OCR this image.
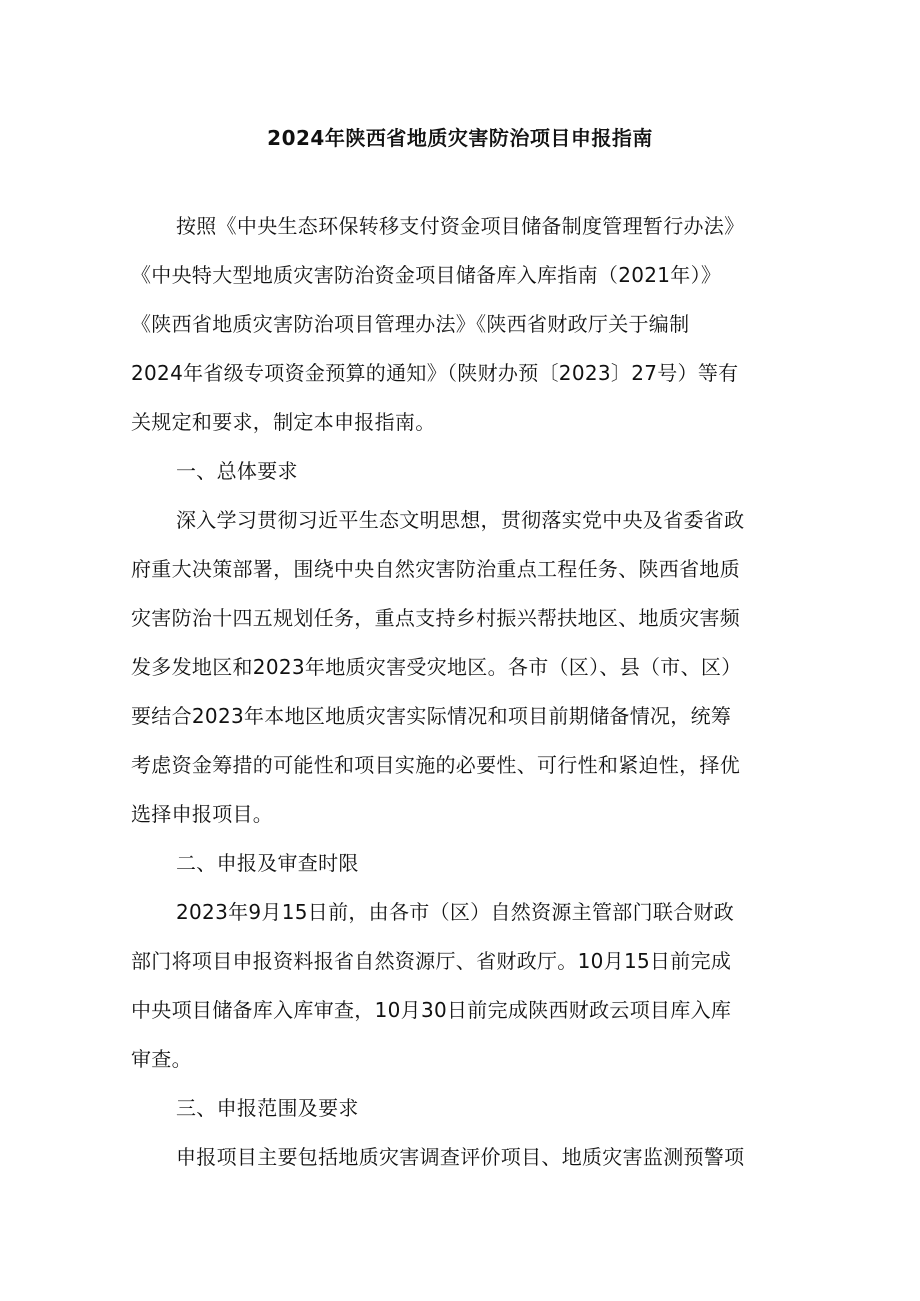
2024年陕西省地质灾害防治项目申报指南
按照《中央生态环保转移支付资金项目储备制度管理暂行办法》
《中央特大型地质灾害防治资金项目储备库入库指南（2021年）》
《陕西省地质灾害防治项目管理办法》《陕西省财政厅关于编制
2024年省级专项资金预算的通知》（陕财办预〔2023〕27号）等有
关规定和要求，制定本申报指南。
一、总体要求
深入学习贯彻习近平生态文明思想，贯彻落实党中央及省委省政
府重大决策部署，围绕中央自然灾害防治重点工程任务、陕西省地质
灾害防治十四五规划任务，重点支持乡村振兴帮扶地区、地质灾害频
发多发地区和2023年地质灾害受灾地区。各市（区）、县（市、区）
要结合2023年本地区地质灾害实际情况和项目前期储备情况，统筹
考虑资金筹措的可能性和项目实施的必要性、可行性和紧迫性，择优
选择申报项目。
二、申报及审查时限
2023年9月15日前，由各市（区）自然资源主管部门联合财政
部门将项目申报资料报省自然资源厅、省财政厅。10月15日前完成
中央项目储备库入库审查，10月30日前完成陕西财政云项目库入库
审查。
三、申报范围及要求
申报项目主要包括地质灾害调查评价项目、地质灾害监测预警项
